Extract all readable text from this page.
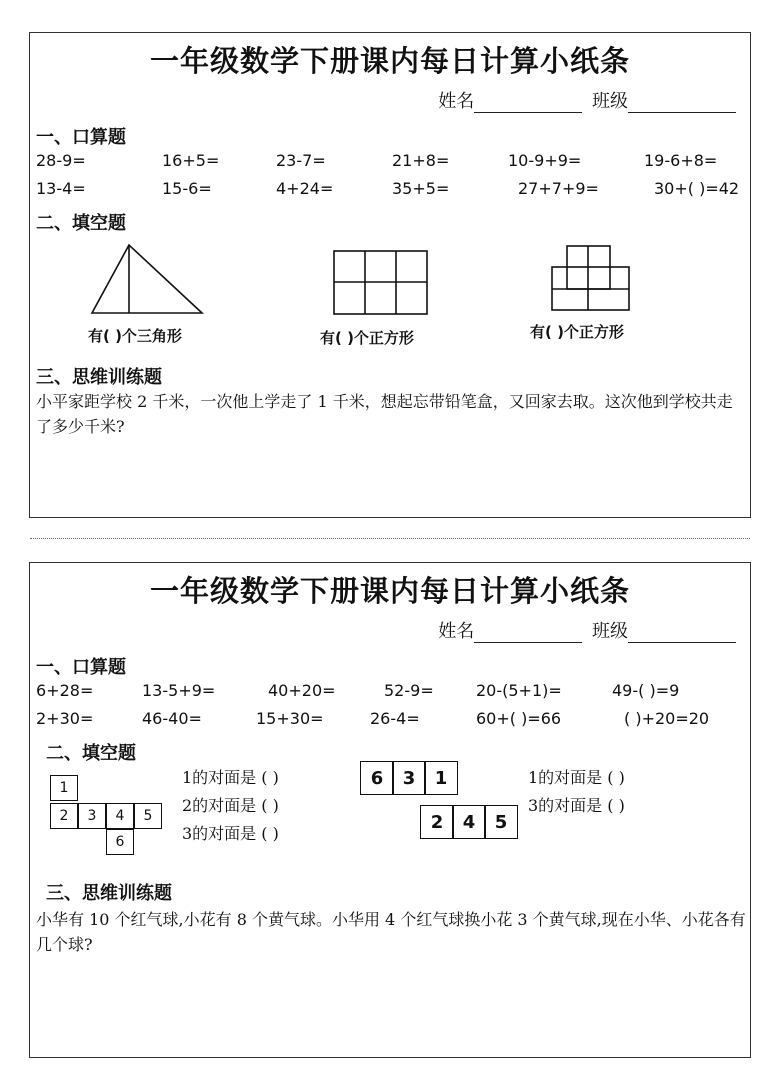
一年级数学下册课内每日计算小纸条
姓名	班级
一、口算题
28-9=	16+5=	23-7=	21+8=	10-9+9=	19-6+8=
13-4=	15-6=	4+24=	35+5=	27+7+9=	30+( )=42
二、填空题
有( )个三角形	有( )个正方形	有( )个正方形
三、思维训练题
小平家距学校 2 千米，一次他上学走了 1 千米，想起忘带铅笔盒，又回家去取。这次他到学校共走了多少千米?
一年级数学下册课内每日计算小纸条
姓名	班级
一、口算题
6+28=	13-5+9=	40+20=	52-9=	20-(5+1)=	49-( )=9
2+30=	46-40=	15+30=	26-4=	60+( )=66	( )+20=20
二、填空题
1
2	3	4	5
6
1的对面是 ( )
2的对面是 ( )
3的对面是 ( )
6	3	1
2	4	5
1的对面是 ( )
3的对面是 ( )
三、思维训练题
小华有 10 个红气球,小花有 8 个黄气球。小华用 4 个红气球换小花 3 个黄气球,现在小华、小花各有几个球?
